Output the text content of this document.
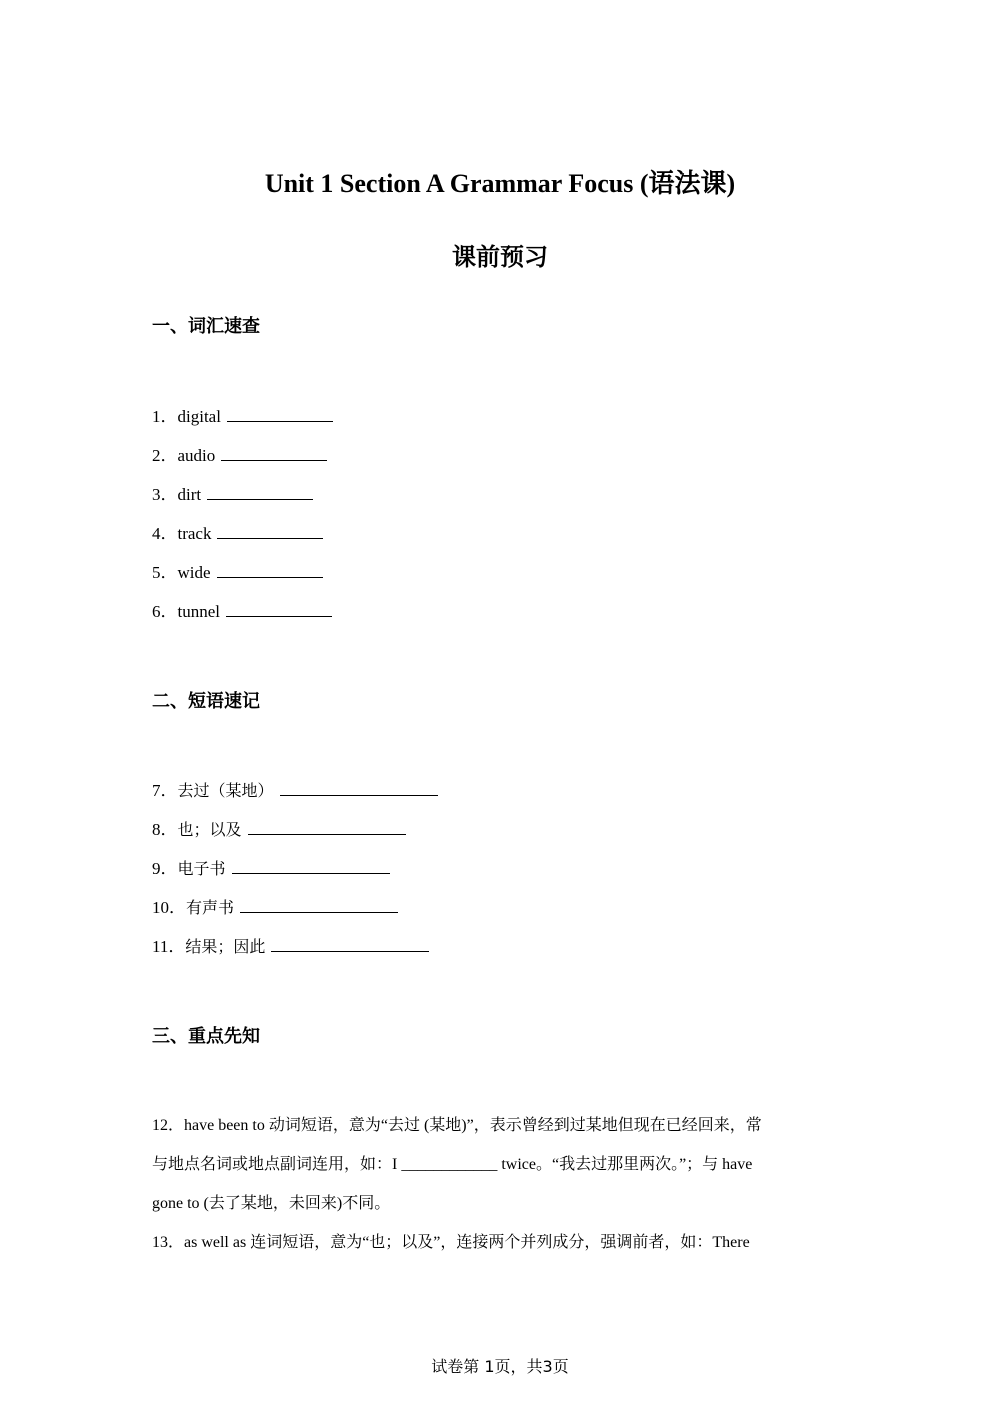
Unit 1 Section A Grammar Focus (语法课)
课前预习
一、词汇速查
1．digital
2．audio
3．dirt
4．track
5．wide
6．tunnel
二、短语速记
7．去过（某地）
8．也；以及
9．电子书
10．有声书
11．结果；因此
三、重点先知
12．have been to 动词短语，意为“去过 (某地)”，表示曾经到过某地但现在已经回来，常
与地点名词或地点副词连用，如：I ____________ twice。“我去过那里两次。”；与 have
gone to (去了某地，未回来)不同。
13．as well as 连词短语，意为“也；以及”，连接两个并列成分，强调前者，如：There
试卷第 1页，共3页
